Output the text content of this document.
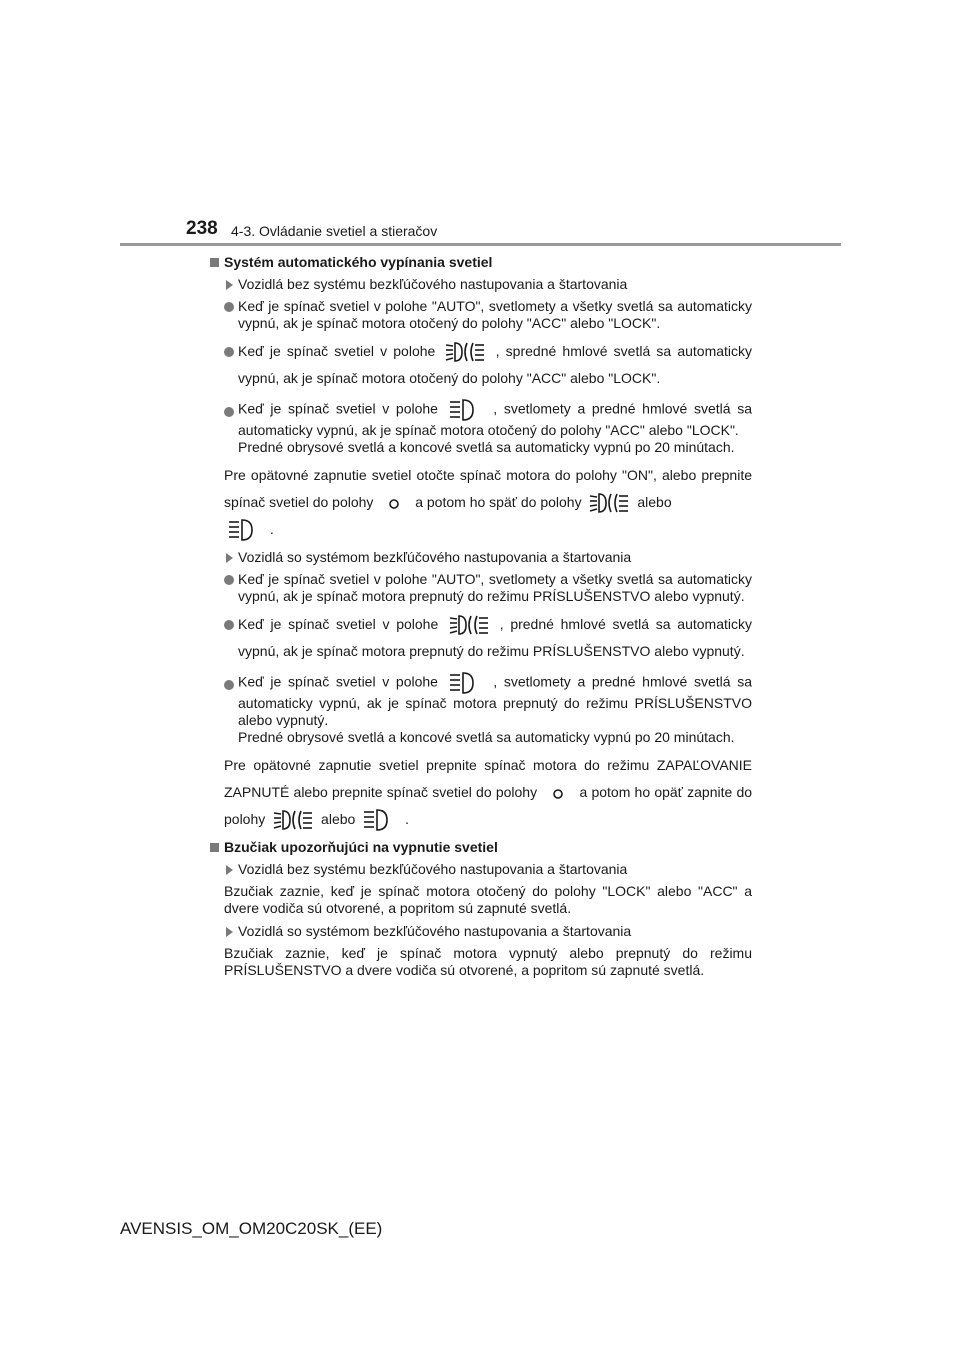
238 4-3. Ovládanie svetiel a stieračov
Systém automatického vypínania svetiel
Vozidlá bez systému bezkľúčového nastupovania a štartovania
Keď je spínač svetiel v polohe "AUTO", svetlomety a všetky svetlá sa automaticky vypnú, ak je spínač motora otočený do polohy "ACC" alebo "LOCK".
Keď je spínač svetiel v polohe	, spredné hmlové svetlá sa automaticky vypnú, ak je spínač motora otočený do polohy "ACC" alebo "LOCK".
Keď je spínač svetiel v polohe	, svetlomety a predné hmlové svetlá sa automaticky vypnú, ak je spínač motora otočený do polohy "ACC" alebo "LOCK".
Predné obrysové svetlá a koncové svetlá sa automaticky vypnú po 20 minútach.
Pre opätovné zapnutie svetiel otočte spínač motora do polohy "ON", alebo prepnite spínač svetiel do polohy	a potom ho späť do polohy	alebo
.
Vozidlá so systémom bezkľúčového nastupovania a štartovania
Keď je spínač svetiel v polohe "AUTO", svetlomety a všetky svetlá sa automaticky vypnú, ak je spínač motora prepnutý do režimu PRÍSLUŠENSTVO alebo vypnutý.
Keď je spínač svetiel v polohe	, predné hmlové svetlá sa automaticky vypnú, ak je spínač motora prepnutý do režimu PRÍSLUŠENSTVO alebo vypnutý.
Keď je spínač svetiel v polohe	, svetlomety a predné hmlové svetlá sa automaticky vypnú, ak je spínač motora prepnutý do režimu PRÍSLUŠENSTVO alebo vypnutý.
Predné obrysové svetlá a koncové svetlá sa automaticky vypnú po 20 minútach.
Pre opätovné zapnutie svetiel prepnite spínač motora do režimu ZAPAĽOVANIE ZAPNUTÉ alebo prepnite spínač svetiel do polohy	a potom ho opäť zapnite do polohy	alebo	.
Bzučiak upozorňujúci na vypnutie svetiel
Vozidlá bez systému bezkľúčového nastupovania a štartovania
Bzučiak zaznie, keď je spínač motora otočený do polohy "LOCK" alebo "ACC" a dvere vodiča sú otvorené, a popritom sú zapnuté svetlá.
Vozidlá so systémom bezkľúčového nastupovania a štartovania
Bzučiak zaznie, keď je spínač motora vypnutý alebo prepnutý do režimu PRÍSLUŠENSTVO a dvere vodiča sú otvorené, a popritom sú zapnuté svetlá.
AVENSIS_OM_OM20C20SK_(EE)
